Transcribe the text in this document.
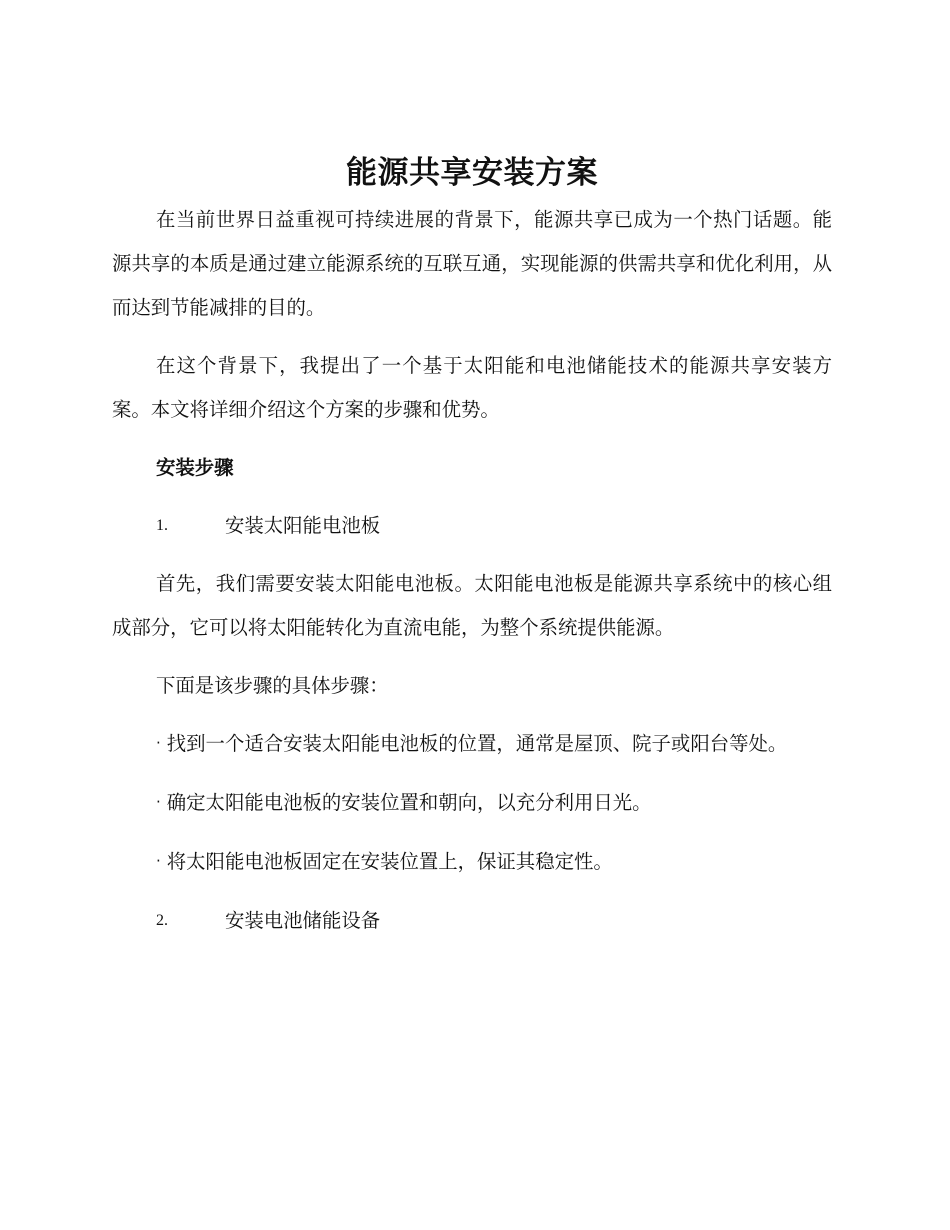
能源共享安装方案

在当前世界日益重视可持续进展的背景下，能源共享已成为一个热门话题。能源共享的本质是通过建立能源系统的互联互通，实现能源的供需共享和优化利用，从而达到节能减排的目的。

在这个背景下，我提出了一个基于太阳能和电池储能技术的能源共享安装方案。本文将详细介绍这个方案的步骤和优势。

安装步骤

1.	安装太阳能电池板

首先，我们需要安装太阳能电池板。太阳能电池板是能源共享系统中的核心组成部分，它可以将太阳能转化为直流电能，为整个系统提供能源。

下面是该步骤的具体步骤：

· 找到一个适合安装太阳能电池板的位置，通常是屋顶、院子或阳台等处。

· 确定太阳能电池板的安装位置和朝向，以充分利用日光。

· 将太阳能电池板固定在安装位置上，保证其稳定性。

2.	安装电池储能设备
